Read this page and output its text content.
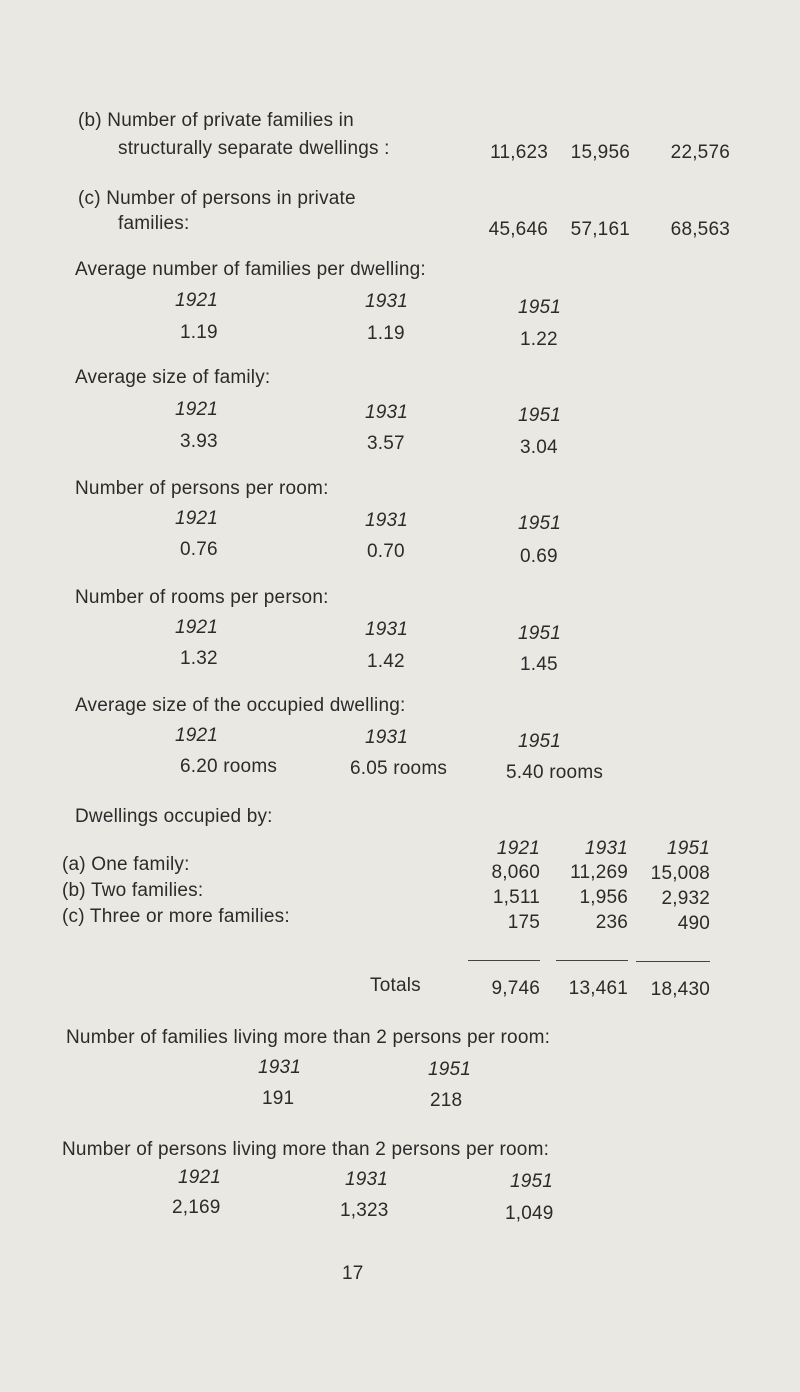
(b) Number of private families in
structurally separate dwellings :	11,623	15,956	22,576
(c) Number of persons in private
families:	45,646	57,161	68,563
Average number of families per dwelling:
1921	1931	1951
1.19	1.19	1.22
Average size of family:
1921	1931	1951
3.93	3.57	3.04
Number of persons per room:
1921	1931	1951
0.76	0.70	0.69
Number of rooms per person:
1921	1931	1951
1.32	1.42	1.45
Average size of the occupied dwelling:
1921	1931	1951
6.20 rooms	6.05 rooms	5.40 rooms
Dwellings occupied by:
1921	1931	1951
(a) One family:	8,060	11,269	15,008
(b) Two families:	1,511	1,956	2,932
(c) Three or more families:	175	236	490
Totals	9,746	13,461	18,430
Number of families living more than 2 persons per room:
1931	1951
191	218
Number of persons living more than 2 persons per room:
1921	1931	1951
2,169	1,323	1,049
17
